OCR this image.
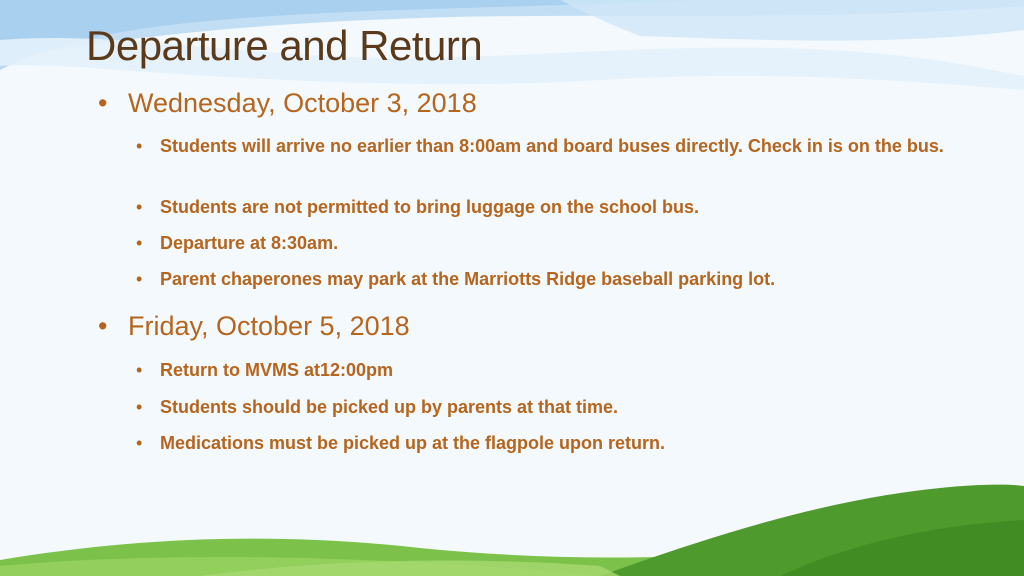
Departure and Return
• Wednesday, October 3, 2018
• Students will arrive no earlier than 8:00am and board buses directly. Check in is on the bus.
• Students are not permitted to bring luggage on the school bus.
• Departure at 8:30am.
• Parent chaperones may park at the Marriotts Ridge baseball parking lot.
• Friday, October 5, 2018
• Return to MVMS at12:00pm
• Students should be picked up by parents at that time.
• Medications must be picked up at the flagpole upon return.
